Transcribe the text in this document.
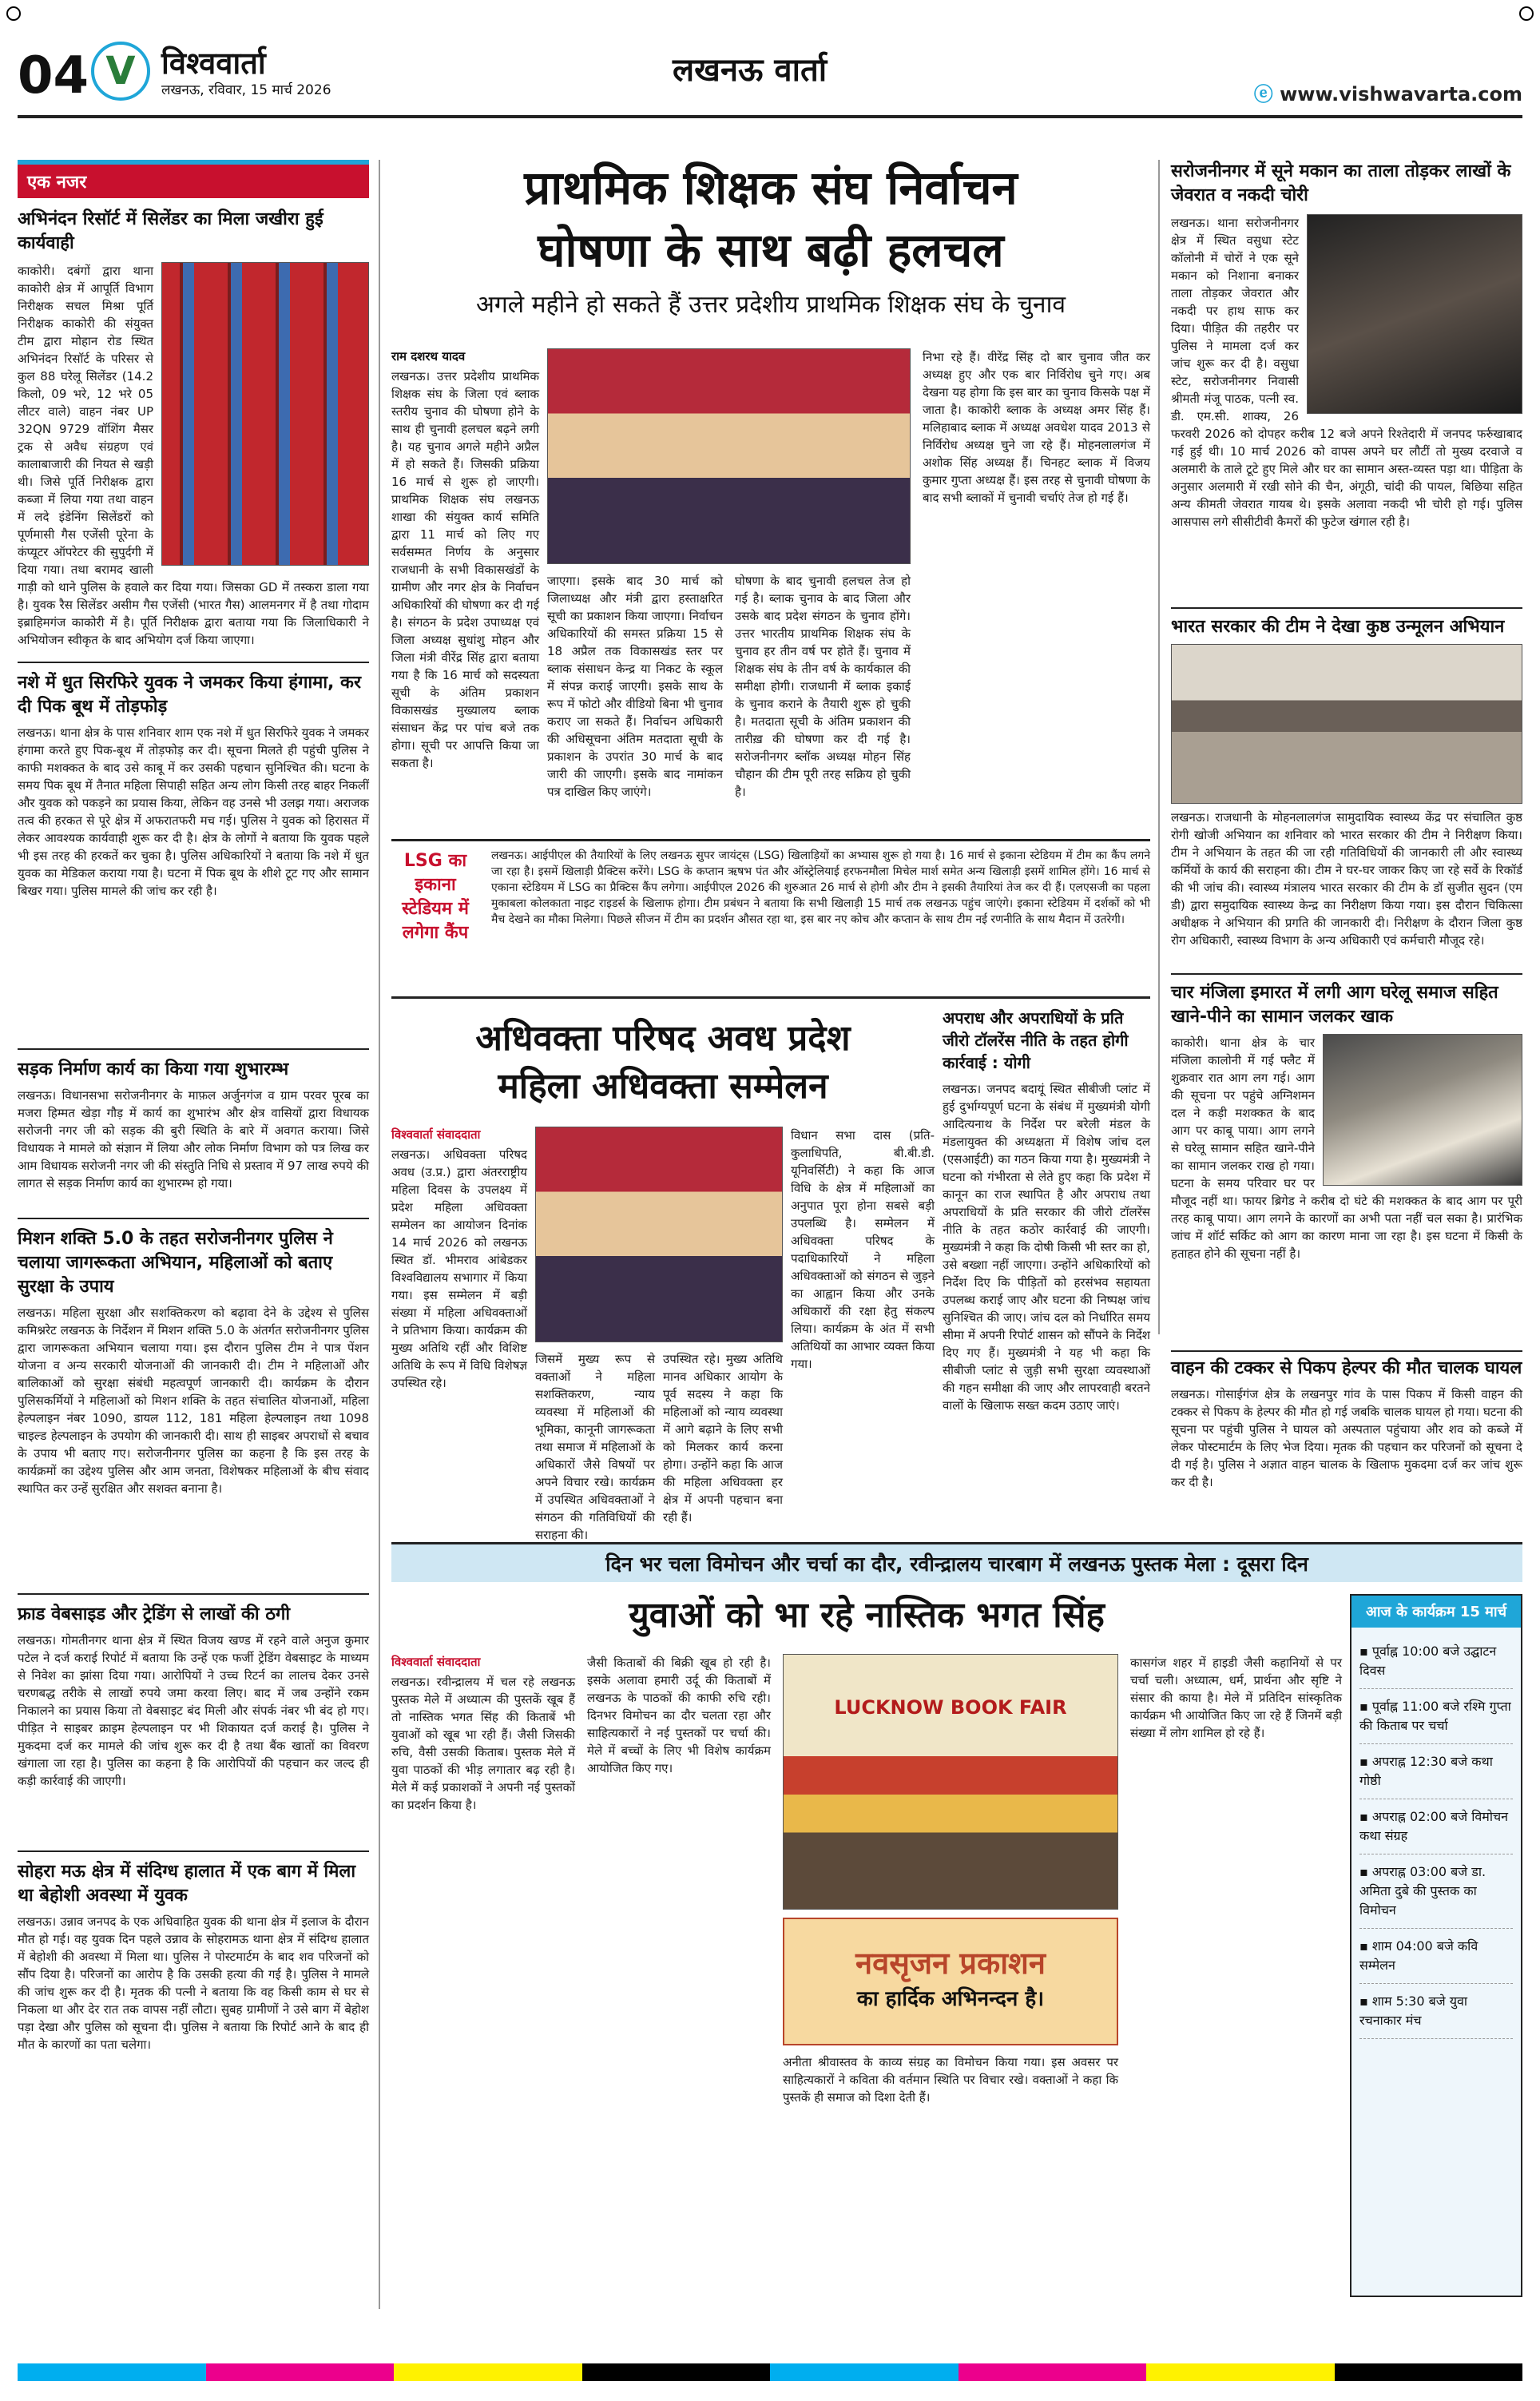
04 V विश्ववार्ता
लखनऊ, रविवार, 15 मार्च 2026
लखनऊ वार्ता
ⓔ www.vishwavarta.com
एक नजर
अभिनंदन रिसॉर्ट में सिलेंडर का मिला जखीरा हुई कार्यवाही
काकोरी। दबंगों द्वारा थाना काकोरी क्षेत्र में आपूर्ति विभाग निरीक्षक सचल मिश्रा पूर्ति निरीक्षक काकोरी की संयुक्त टीम द्वारा मोहान रोड स्थित अभिनंदन रिसॉर्ट के परिसर से कुल 88 घरेलू सिलेंडर (14.2 किलो, 09 भरे, 12 भरे 05 लीटर वाले) वाहन नंबर UP 32QN 9729 वॉशिंग मैसर ट्रक से अवैध संग्रहण एवं कालाबाजारी की नियत से खड़ी थी। जिसे पूर्ति निरीक्षक द्वारा कब्जा में लिया गया तथा वाहन में लदे इंडेनिंग सिलेंडरों को पूर्णमासी गैस एजेंसी पूरेना के कंप्यूटर ऑपरेटर की सुपुर्दगी में दिया गया। तथा बरामद खाली गाड़ी को थाने पुलिस के हवाले कर दिया गया। जिसका GD में तस्करा डाला गया है। युवक रैस सिलेंडर असीम गैस एजेंसी (भारत गैस) आलमनगर में है तथा गोदाम इब्राहिमगंज काकोरी में है। पूर्ति निरीक्षक द्वारा बताया गया कि जिलाधिकारी ने अभियोजन स्वीकृत के बाद अभियोग दर्ज किया जाएगा।
नशे में धुत सिरफिरे युवक ने जमकर किया हंगामा, कर दी पिक बूथ में तोड़फोड़
लखनऊ। थाना क्षेत्र के पास शनिवार शाम एक नशे में धुत सिरफिरे युवक ने जमकर हंगामा करते हुए पिक-बूथ में तोड़फोड़ कर दी। सूचना मिलते ही पहुंची पुलिस ने काफी मशक्कत के बाद उसे काबू में कर उसकी पहचान सुनिश्चित की। घटना के समय पिक बूथ में तैनात महिला सिपाही सहित अन्य लोग किसी तरह बाहर निकलीं और युवक को पकड़ने का प्रयास किया, लेकिन वह उनसे भी उलझ गया। अराजक तत्व की हरकत से पूरे क्षेत्र में अफरातफरी मच गई। पुलिस ने युवक को हिरासत में लेकर आवश्यक कार्यवाही शुरू कर दी है। क्षेत्र के लोगों ने बताया कि युवक पहले भी इस तरह की हरकतें कर चुका है। पुलिस अधिकारियों ने बताया कि नशे में धुत युवक का मेडिकल कराया गया है। घटना में पिक बूथ के शीशे टूट गए और सामान बिखर गया। पुलिस मामले की जांच कर रही है।
सड़क निर्माण कार्य का किया गया शुभारम्भ
लखनऊ। विधानसभा सरोजनीनगर के माफ़ल अर्जुनगंज व ग्राम परवर पूरब का मजरा हिम्मत खेड़ा गौड़ में कार्य का शुभारंभ और क्षेत्र वासियों द्वारा विधायक सरोजनी नगर जी को सड़क की बुरी स्थिति के बारे में अवगत कराया। जिसे विधायक ने मामले को संज्ञान में लिया और लोक निर्माण विभाग को पत्र लिख कर आम विधायक सरोजनी नगर जी की संस्तुति निधि से प्रस्ताव में 97 लाख रुपये की लागत से सड़क निर्माण कार्य का शुभारम्भ हो गया।
मिशन शक्ति 5.0 के तहत सरोजनीनगर पुलिस ने चलाया जागरूकता अभियान, महिलाओं को बताए सुरक्षा के उपाय
लखनऊ। महिला सुरक्षा और सशक्तिकरण को बढ़ावा देने के उद्देश्य से पुलिस कमिश्नरेट लखनऊ के निर्देशन में मिशन शक्ति 5.0 के अंतर्गत सरोजनीनगर पुलिस द्वारा जागरूकता अभियान चलाया गया। इस दौरान पुलिस टीम ने पात्र पेंशन योजना व अन्य सरकारी योजनाओं की जानकारी दी। टीम ने महिलाओं और बालिकाओं को सुरक्षा संबंधी महत्वपूर्ण जानकारी दी। कार्यक्रम के दौरान पुलिसकर्मियों ने महिलाओं को मिशन शक्ति के तहत संचालित योजनाओं, महिला हेल्पलाइन नंबर 1090, डायल 112, 181 महिला हेल्पलाइन तथा 1098 चाइल्ड हेल्पलाइन के उपयोग की जानकारी दी। साथ ही साइबर अपराधों से बचाव के उपाय भी बताए गए। सरोजनीनगर पुलिस का कहना है कि इस तरह के कार्यक्रमों का उद्देश्य पुलिस और आम जनता, विशेषकर महिलाओं के बीच संवाद स्थापित कर उन्हें सुरक्षित और सशक्त बनाना है।
फ्राड वेबसाइड और ट्रेडिंग से लाखों की ठगी
लखनऊ। गोमतीनगर थाना क्षेत्र में स्थित विजय खण्ड में रहने वाले अनुज कुमार पटेल ने दर्ज कराई रिपोर्ट में बताया कि उन्हें एक फर्जी ट्रेडिंग वेबसाइट के माध्यम से निवेश का झांसा दिया गया। आरोपियों ने उच्च रिटर्न का लालच देकर उनसे चरणबद्ध तरीके से लाखों रुपये जमा करवा लिए। बाद में जब उन्होंने रकम निकालने का प्रयास किया तो वेबसाइट बंद मिली और संपर्क नंबर भी बंद हो गए। पीड़ित ने साइबर क्राइम हेल्पलाइन पर भी शिकायत दर्ज कराई है। पुलिस ने मुकदमा दर्ज कर मामले की जांच शुरू कर दी है तथा बैंक खातों का विवरण खंगाला जा रहा है। पुलिस का कहना है कि आरोपियों की पहचान कर जल्द ही कड़ी कार्रवाई की जाएगी।
सोहरा मऊ क्षेत्र में संदिग्ध हालात में एक बाग में मिला था बेहोशी अवस्था में युवक
लखनऊ। उन्नाव जनपद के एक अधिवाहित युवक की थाना क्षेत्र में इलाज के दौरान मौत हो गई। वह युवक दिन पहले उन्नाव के सोहरामऊ थाना क्षेत्र में संदिग्ध हालात में बेहोशी की अवस्था में मिला था। पुलिस ने पोस्टमार्टम के बाद शव परिजनों को सौंप दिया है। परिजनों का आरोप है कि उसकी हत्या की गई है। पुलिस ने मामले की जांच शुरू कर दी है। मृतक की पत्नी ने बताया कि वह किसी काम से घर से निकला था और देर रात तक वापस नहीं लौटा। सुबह ग्रामीणों ने उसे बाग में बेहोश पड़ा देखा और पुलिस को सूचना दी। पुलिस ने बताया कि रिपोर्ट आने के बाद ही मौत के कारणों का पता चलेगा।
प्राथमिक शिक्षक संघ निर्वाचन
घोषणा के साथ बढ़ी हलचल
अगले महीने हो सकते हैं उत्तर प्रदेशीय प्राथमिक शिक्षक संघ के चुनाव
राम दशरथ यादव
लखनऊ। उत्तर प्रदेशीय प्राथमिक शिक्षक संघ के जिला एवं ब्लाक स्तरीय चुनाव की घोषणा होने के साथ ही चुनावी हलचल बढ़ने लगी है। यह चुनाव अगले महीने अप्रैल में हो सकते हैं। जिसकी प्रक्रिया 16 मार्च से शुरू हो जाएगी। प्राथमिक शिक्षक संघ लखनऊ शाखा की संयुक्त कार्य समिति द्वारा 11 मार्च को लिए गए सर्वसम्मत निर्णय के अनुसार राजधानी के सभी विकासखंडों के ग्रामीण और नगर क्षेत्र के निर्वाचन अधिकारियों की घोषणा कर दी गई है। संगठन के प्रदेश उपाध्यक्ष एवं जिला अध्यक्ष सुधांशु मोहन और जिला मंत्री वीरेंद्र सिंह द्वारा बताया गया है कि 16 मार्च को सदस्यता सूची के अंतिम प्रकाशन विकासखंड मुख्यालय ब्लाक संसाधन केंद्र पर पांच बजे तक होगा। सूची पर आपत्ति किया जा सकता है।
जाएगा। इसके बाद 30 मार्च को जिलाध्यक्ष और मंत्री द्वारा हस्ताक्षरित सूची का प्रकाशन किया जाएगा। निर्वाचन अधिकारियों की समस्त प्रक्रिया 15 से 18 अप्रैल तक विकासखंड स्तर पर ब्लाक संसाधन केन्द्र या निकट के स्कूल में संपन्न कराई जाएगी। इसके साथ के रूप में फोटो और वीडियो बिना भी चुनाव कराए जा सकते हैं। निर्वाचन अधिकारी की अधिसूचना अंतिम मतदाता सूची के प्रकाशन के उपरांत 30 मार्च के बाद जारी की जाएगी। इसके बाद नामांकन पत्र दाखिल किए जाएंगे।
घोषणा के बाद चुनावी हलचल तेज हो गई है। ब्लाक चुनाव के बाद जिला और उसके बाद प्रदेश संगठन के चुनाव होंगे। उत्तर भारतीय प्राथमिक शिक्षक संघ के चुनाव हर तीन वर्ष पर होते हैं। चुनाव में शिक्षक संघ के तीन वर्ष के कार्यकाल की समीक्षा होगी। राजधानी में ब्लाक इकाई के चुनाव कराने के तैयारी शुरू हो चुकी है। मतदाता सूची के अंतिम प्रकाशन की तारीख़ की घोषणा कर दी गई है। सरोजनीनगर ब्लॉक अध्यक्ष मोहन सिंह चौहान की टीम पूरी तरह सक्रिय हो चुकी है।
निभा रहे हैं। वीरेंद्र सिंह दो बार चुनाव जीत कर अध्यक्ष हुए और एक बार निर्विरोध चुने गए। अब देखना यह होगा कि इस बार का चुनाव किसके पक्ष में जाता है। काकोरी ब्लाक के अध्यक्ष अमर सिंह हैं। मलिहाबाद ब्लाक में अध्यक्ष अवधेश यादव 2013 से निर्विरोध अध्यक्ष चुने जा रहे हैं। मोहनलालगंज में अशोक सिंह अध्यक्ष हैं। चिनहट ब्लाक में विजय कुमार गुप्ता अध्यक्ष हैं। इस तरह से चुनावी घोषणा के बाद सभी ब्लाकों में चुनावी चर्चाएं तेज हो गई हैं।
LSG का इकाना स्टेडियम में लगेगा कैंप
लखनऊ। आईपीएल की तैयारियों के लिए लखनऊ सुपर जायंट्स (LSG) खिलाड़ियों का अभ्यास शुरू हो गया है। 16 मार्च से इकाना स्टेडियम में टीम का कैंप लगने जा रहा है। इसमें खिलाड़ी प्रैक्टिस करेंगे। LSG के कप्तान ऋषभ पंत और ऑस्ट्रेलियाई हरफनमौला मिचेल मार्श समेत अन्य खिलाड़ी इसमें शामिल होंगे। 16 मार्च से एकाना स्टेडियम में LSG का प्रैक्टिस कैंप लगेगा। आईपीएल 2026 की शुरुआत 26 मार्च से होगी और टीम ने इसकी तैयारियां तेज कर दी हैं। एलएसजी का पहला मुकाबला कोलकाता नाइट राइडर्स के खिलाफ होगा। टीम प्रबंधन ने बताया कि सभी खिलाड़ी 15 मार्च तक लखनऊ पहुंच जाएंगे। इकाना स्टेडियम में दर्शकों को भी मैच देखने का मौका मिलेगा। पिछले सीजन में टीम का प्रदर्शन औसत रहा था, इस बार नए कोच और कप्तान के साथ टीम नई रणनीति के साथ मैदान में उतरेगी।
सरोजनीनगर में सूने मकान का ताला तोड़कर लाखों के जेवरात व नकदी चोरी
लखनऊ। थाना सरोजनीनगर क्षेत्र में स्थित वसुधा स्टेट कॉलोनी में चोरों ने एक सूने मकान को निशाना बनाकर ताला तोड़कर जेवरात और नकदी पर हाथ साफ कर दिया। पीड़ित की तहरीर पर पुलिस ने मामला दर्ज कर जांच शुरू कर दी है। वसुधा स्टेट, सरोजनीनगर निवासी श्रीमती मंजू पाठक, पत्नी स्व. डी. एम.सी. शाक्य, 26 फरवरी 2026 को दोपहर करीब 12 बजे अपने रिश्तेदारी में जनपद फर्रुखाबाद गई हुई थी। 10 मार्च 2026 को वापस अपने घर लौटीं तो मुख्य दरवाजे व अलमारी के ताले टूटे हुए मिले और घर का सामान अस्त-व्यस्त पड़ा था। पीड़िता के अनुसार अलमारी में रखी सोने की चैन, अंगूठी, चांदी की पायल, बिछिया सहित अन्य कीमती जेवरात गायब थे। इसके अलावा नकदी भी चोरी हो गई। पुलिस आसपास लगे सीसीटीवी कैमरों की फुटेज खंगाल रही है।
भारत सरकार की टीम ने देखा कुष्ठ उन्मूलन अभियान
लखनऊ। राजधानी के मोहनलालगंज सामुदायिक स्वास्थ्य केंद्र पर संचालित कुष्ठ रोगी खोजी अभियान का शनिवार को भारत सरकार की टीम ने निरीक्षण किया। टीम ने अभियान के तहत की जा रही गतिविधियों की जानकारी ली और स्वास्थ्य कर्मियों के कार्य की सराहना की। टीम ने घर-घर जाकर किए जा रहे सर्वे के रिकॉर्ड की भी जांच की। स्वास्थ्य मंत्रालय भारत सरकार की टीम के डॉ सुजीत सुदन (एम डी) द्वारा समुदायिक स्वास्थ्य केन्द्र का निरीक्षण किया गया। इस दौरान चिकित्सा अधीक्षक ने अभियान की प्रगति की जानकारी दी। निरीक्षण के दौरान जिला कुष्ठ रोग अधिकारी, स्वास्थ्य विभाग के अन्य अधिकारी एवं कर्मचारी मौजूद रहे।
चार मंजिला इमारत में लगी आग घरेलू समाज सहित खाने-पीने का सामान जलकर खाक
काकोरी। थाना क्षेत्र के चार मंजिला कालोनी में गई फ्लैट में शुक्रवार रात आग लग गई। आग की सूचना पर पहुंचे अग्निशमन दल ने कड़ी मशक्कत के बाद आग पर काबू पाया। आग लगने से घरेलू सामान सहित खाने-पीने का सामान जलकर राख हो गया। घटना के समय परिवार घर पर मौजूद नहीं था। फायर ब्रिगेड ने करीब दो घंटे की मशक्कत के बाद आग पर पूरी तरह काबू पाया। आग लगने के कारणों का अभी पता नहीं चल सका है। प्रारंभिक जांच में शॉर्ट सर्किट को आग का कारण माना जा रहा है। इस घटना में किसी के हताहत होने की सूचना नहीं है।
अधिवक्ता परिषद अवध प्रदेश
महिला अधिवक्ता सम्मेलन
विश्ववार्ता संवाददाता
लखनऊ। अधिवक्ता परिषद अवध (उ.प्र.) द्वारा अंतरराष्ट्रीय महिला दिवस के उपलक्ष्य में प्रदेश महिला अधिवक्ता सम्मेलन का आयोजन दिनांक 14 मार्च 2026 को लखनऊ स्थित डॉ. भीमराव आंबेडकर विश्वविद्यालय सभागार में किया गया। इस सम्मेलन में बड़ी संख्या में महिला अधिवक्ताओं ने प्रतिभाग किया। कार्यक्रम की मुख्य अतिथि रहीं और विशिष्ट अतिथि के रूप में विधि विशेषज्ञ उपस्थित रहे।
जिसमें मुख्य रूप से वक्ताओं ने महिला सशक्तिकरण, न्याय व्यवस्था में महिलाओं की भूमिका, कानूनी जागरूकता तथा समाज में महिलाओं के अधिकारों जैसे विषयों पर अपने विचार रखे। कार्यक्रम में उपस्थित अधिवक्ताओं ने संगठन की गतिविधियों की सराहना की।
उपस्थित रहे। मुख्य अतिथि मानव अधिकार आयोग के पूर्व सदस्य ने कहा कि महिलाओं को न्याय व्यवस्था में आगे बढ़ाने के लिए सभी को मिलकर कार्य करना होगा। उन्होंने कहा कि आज की महिला अधिवक्ता हर क्षेत्र में अपनी पहचान बना रही हैं।
विधान सभा दास (प्रति-कुलाधिपति, बी.बी.डी. यूनिवर्सिटी) ने कहा कि आज विधि के क्षेत्र में महिलाओं का अनुपात पूरा होना सबसे बड़ी उपलब्धि है। सम्मेलन में अधिवक्ता परिषद के पदाधिकारियों ने महिला अधिवक्ताओं को संगठन से जुड़ने का आह्वान किया और उनके अधिकारों की रक्षा हेतु संकल्प लिया। कार्यक्रम के अंत में सभी अतिथियों का आभार व्यक्त किया गया।
अपराध और अपराधियों के प्रति जीरो टॉलरेंस नीति के तहत होगी कार्रवाई : योगी
लखनऊ। जनपद बदायूं स्थित सीबीजी प्लांट में हुई दुर्भाग्यपूर्ण घटना के संबंध में मुख्यमंत्री योगी आदित्यनाथ के निर्देश पर बरेली मंडल के मंडलायुक्त की अध्यक्षता में विशेष जांच दल (एसआईटी) का गठन किया गया है। मुख्यमंत्री ने घटना को गंभीरता से लेते हुए कहा कि प्रदेश में कानून का राज स्थापित है और अपराध तथा अपराधियों के प्रति सरकार की जीरो टॉलरेंस नीति के तहत कठोर कार्रवाई की जाएगी। मुख्यमंत्री ने कहा कि दोषी किसी भी स्तर का हो, उसे बख्शा नहीं जाएगा। उन्होंने अधिकारियों को निर्देश दिए कि पीड़ितों को हरसंभव सहायता उपलब्ध कराई जाए और घटना की निष्पक्ष जांच सुनिश्चित की जाए। जांच दल को निर्धारित समय सीमा में अपनी रिपोर्ट शासन को सौंपने के निर्देश दिए गए हैं। मुख्यमंत्री ने यह भी कहा कि सीबीजी प्लांट से जुड़ी सभी सुरक्षा व्यवस्थाओं की गहन समीक्षा की जाए और लापरवाही बरतने वालों के खिलाफ सख्त कदम उठाए जाएं।
वाहन की टक्कर से पिकप हेल्पर की मौत चालक घायल
लखनऊ। गोसाईगंज क्षेत्र के लखनपुर गांव के पास पिकप में किसी वाहन की टक्कर से पिकप के हेल्पर की मौत हो गई जबकि चालक घायल हो गया। घटना की सूचना पर पहुंची पुलिस ने घायल को अस्पताल पहुंचाया और शव को कब्जे में लेकर पोस्टमार्टम के लिए भेज दिया। मृतक की पहचान कर परिजनों को सूचना दे दी गई है। पुलिस ने अज्ञात वाहन चालक के खिलाफ मुकदमा दर्ज कर जांच शुरू कर दी है।
दिन भर चला विमोचन और चर्चा का दौर, रवीन्द्रालय चारबाग में लखनऊ पुस्तक मेला : दूसरा दिन
युवाओं को भा रहे नास्तिक भगत सिंह
विश्ववार्ता संवाददाता
लखनऊ। रवीन्द्रालय में चल रहे लखनऊ पुस्तक मेले में अध्यात्म की पुस्तकें खूब हैं तो नास्तिक भगत सिंह की किताबें भी युवाओं को खूब भा रही हैं। जैसी जिसकी रुचि, वैसी उसकी किताब। पुस्तक मेले में युवा पाठकों की भीड़ लगातार बढ़ रही है। मेले में कई प्रकाशकों ने अपनी नई पुस्तकों का प्रदर्शन किया है।
जैसी किताबों की बिक्री खूब हो रही है। इसके अलावा हमारी उर्दू की किताबों में लखनऊ के पाठकों की काफी रुचि रही। दिनभर विमोचन का दौर चलता रहा और साहित्यकारों ने नई पुस्तकों पर चर्चा की। मेले में बच्चों के लिए भी विशेष कार्यक्रम आयोजित किए गए।
LUCKNOW BOOK FAIR
नवसृजन प्रकाशन
का हार्दिक अभिनन्दन है।
अनीता श्रीवास्तव के काव्य संग्रह का विमोचन किया गया। इस अवसर पर साहित्यकारों ने कविता की वर्तमान स्थिति पर विचार रखे। वक्ताओं ने कहा कि पुस्तकें ही समाज को दिशा देती हैं।
कासगंज शहर में हाइडी जैसी कहानियों से पर चर्चा चली। अध्यात्म, धर्म, प्रार्थना और सृष्टि ने संसार की काया है। मेले में प्रतिदिन सांस्कृतिक कार्यक्रम भी आयोजित किए जा रहे हैं जिनमें बड़ी संख्या में लोग शामिल हो रहे हैं।
आज के कार्यक्रम 15 मार्च
▪ पूर्वाह्न 10:00 बजे उद्घाटन दिवस
▪ पूर्वाह्न 11:00 बजे रश्मि गुप्ता की किताब पर चर्चा
▪ अपराह्न 12:30 बजे कथा गोष्ठी
▪ अपराह्न 02:00 बजे विमोचन कथा संग्रह
▪ अपराह्न 03:00 बजे डा. अमिता दुबे की पुस्तक का विमोचन
▪ शाम 04:00 बजे कवि सम्मेलन
▪ शाम 5:30 बजे युवा रचनाकार मंच
